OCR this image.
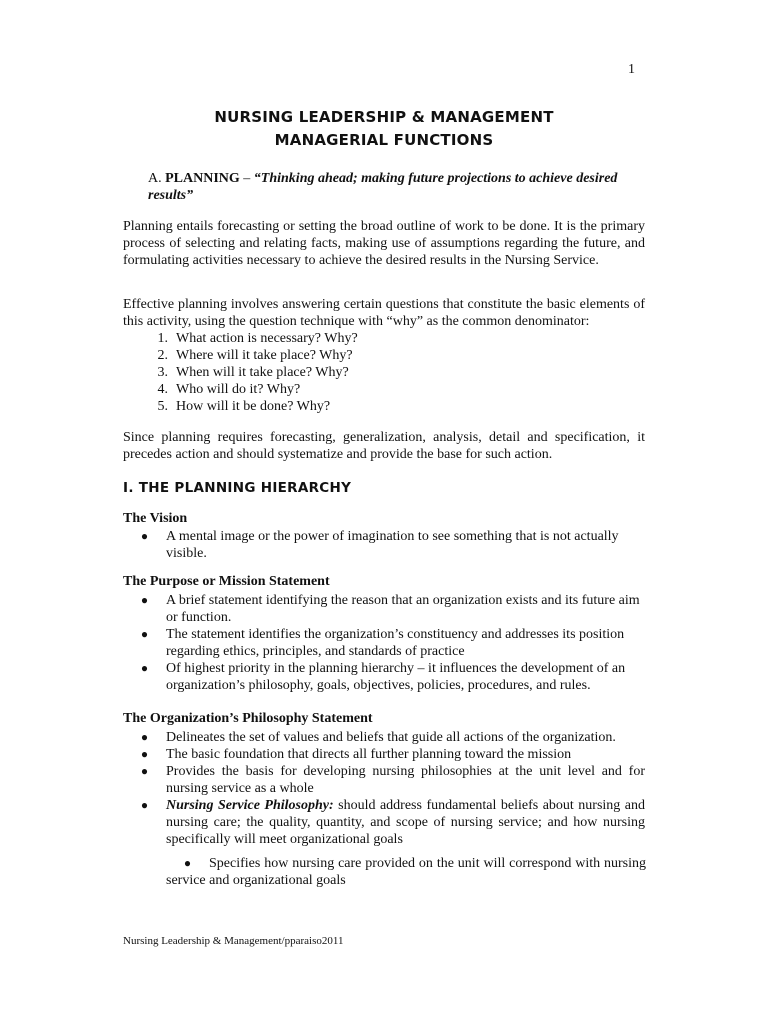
1
NURSING LEADERSHIP & MANAGEMENT
MANAGERIAL FUNCTIONS
A. PLANNING – “Thinking ahead; making future projections to achieve desired results”
Planning entails forecasting or setting the broad outline of work to be done. It is the primary process of selecting and relating facts, making use of assumptions regarding the future, and formulating activities necessary to achieve the desired results in the Nursing Service.
Effective planning involves answering certain questions that constitute the basic elements of this activity, using the question technique with “why” as the common denominator:
1. What action is necessary? Why?
2. Where will it take place? Why?
3. When will it take place? Why?
4. Who will do it? Why?
5. How will it be done? Why?
Since planning requires forecasting, generalization, analysis, detail and specification, it precedes action and should systematize and provide the base for such action.
I. THE PLANNING HIERARCHY
The Vision
●	A mental image or the power of imagination to see something that is not actually visible.
The Purpose or Mission Statement
●	A brief statement identifying the reason that an organization exists and its future aim or function.
●	The statement identifies the organization’s constituency and addresses its position regarding ethics, principles, and standards of practice
●	Of highest priority in the planning hierarchy – it influences the development of an organization’s philosophy, goals, objectives, policies, procedures, and rules.
The Organization’s Philosophy Statement
●	Delineates the set of values and beliefs that guide all actions of the organization.
●	The basic foundation that directs all further planning toward the mission
●	Provides the basis for developing nursing philosophies at the unit level and for nursing service as a whole
●	Nursing Service Philosophy: should address fundamental beliefs about nursing and nursing care; the quality, quantity, and scope of nursing service; and how nursing specifically will meet organizational goals
● Specifies how nursing care provided on the unit will correspond with nursing service and organizational goals
Nursing Leadership & Management/pparaiso2011
